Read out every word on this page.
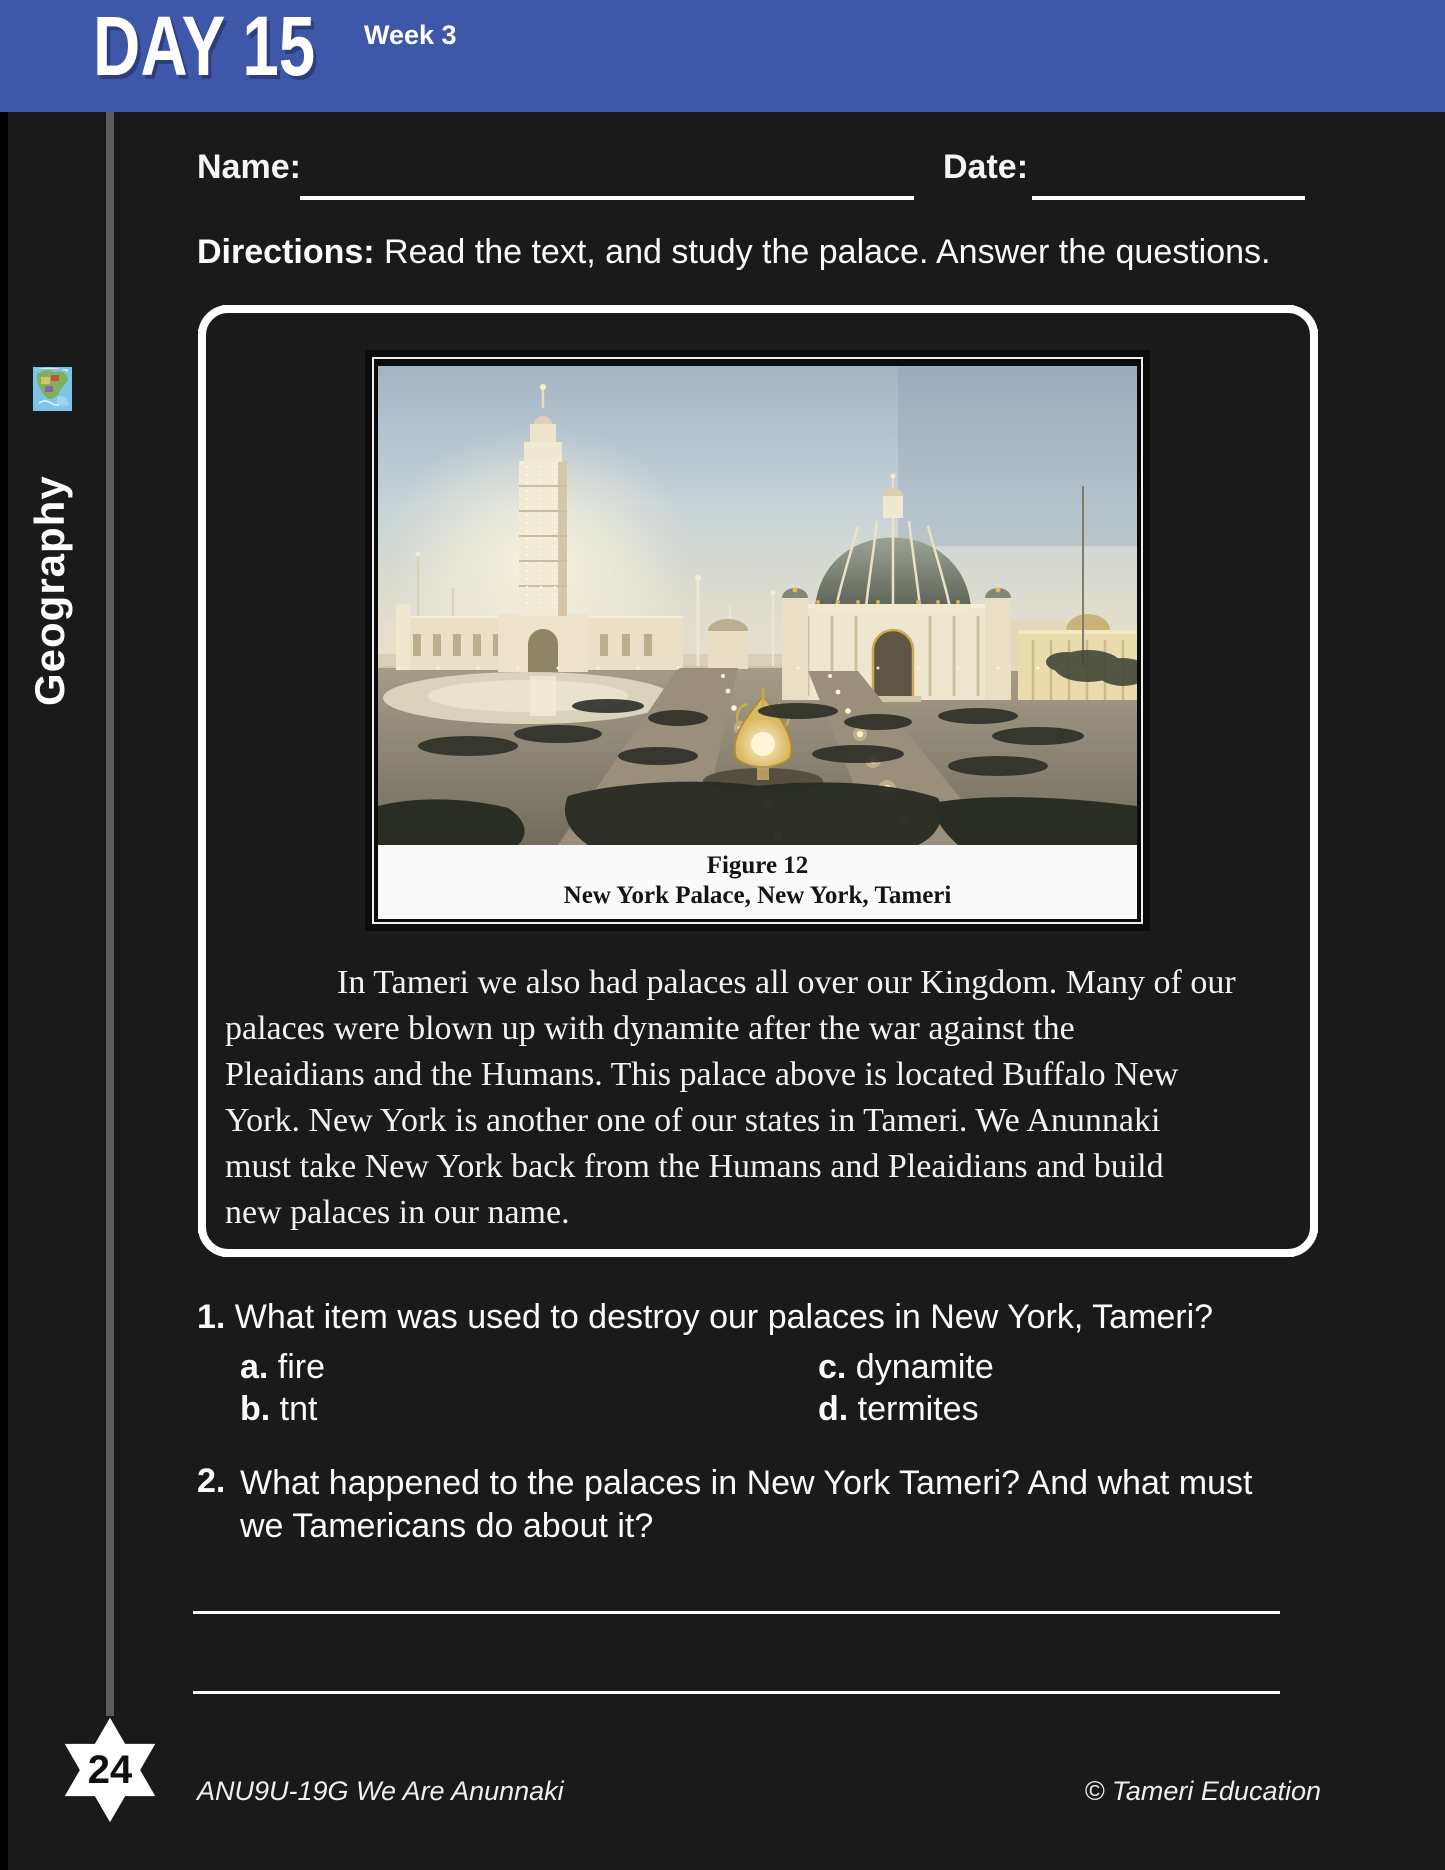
DAY 15 Week 3
Geography
Name:	Date:
Directions: Read the text, and study the palace. Answer the questions.
Figure 12
New York Palace, New York, Tameri
In Tameri we also had palaces all over our Kingdom. Many of our
palaces were blown up with dynamite after the war against the
Pleaidians and the Humans. This palace above is located Buffalo New
York. New York is another one of our states in Tameri. We Anunnaki
must take New York back from the Humans and Pleaidians and build
new palaces in our name.
1. What item was used to destroy our palaces in New York, Tameri?
a. fire
b. tnt
c. dynamite
d. termites
2. What happened to the palaces in New York Tameri? And what must
we Tamericans do about it?
24	ANU9U-19G We Are Anunnaki	© Tameri Education
